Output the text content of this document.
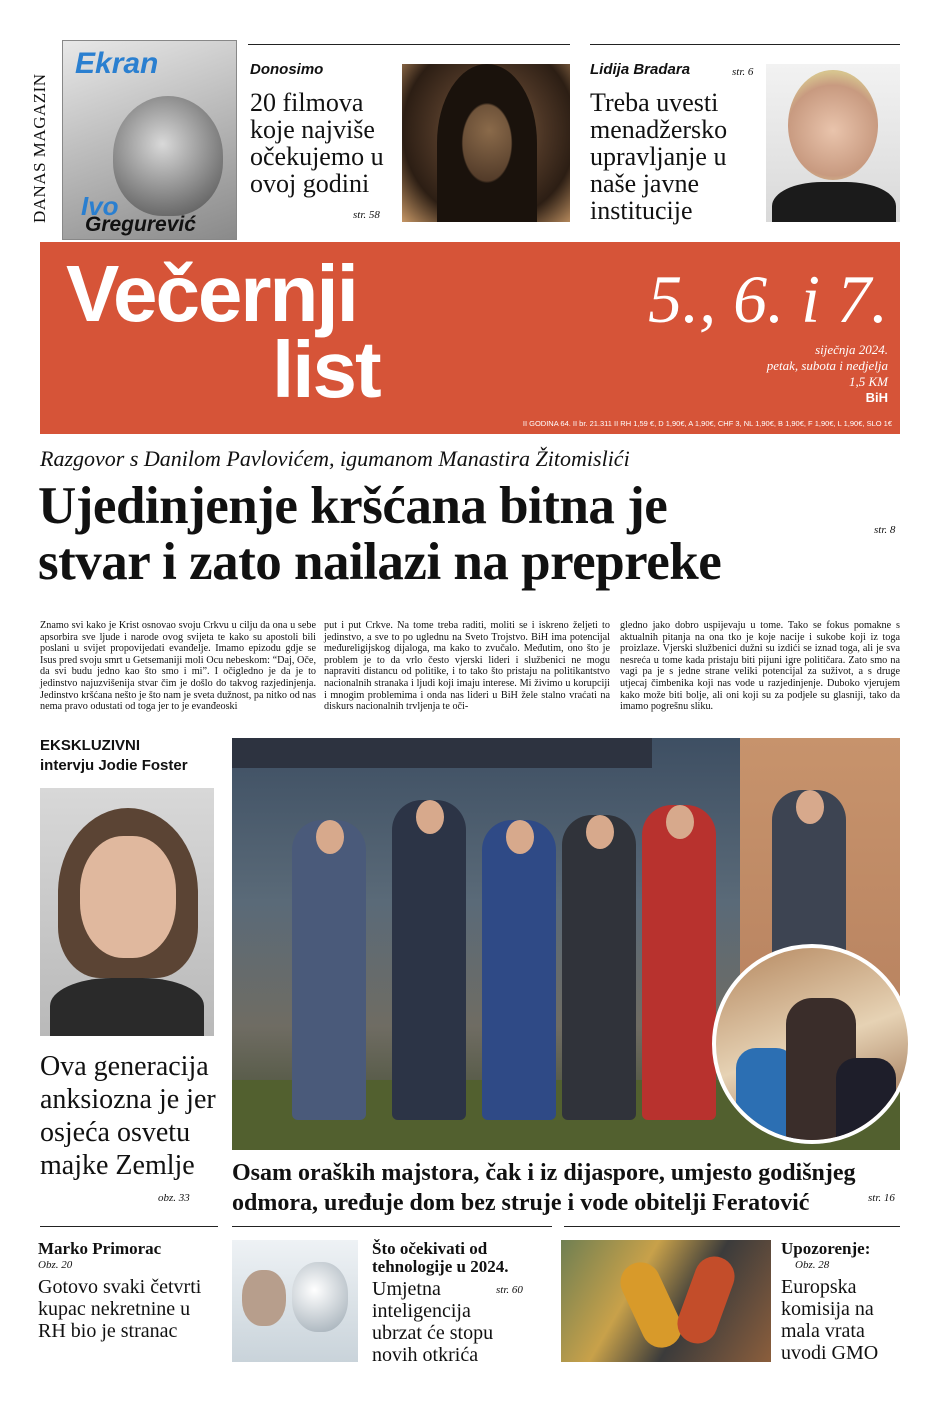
DANAS MAGAZIN
Ekran
Ivo
Gregurević
Donosimo
20 filmova koje najviše očekujemo u ovoj godini
str. 58
Lidija Bradara	str. 6
Treba uvesti menadžersko upravljanje u naše javne institucije
Večernji
list
5., 6. i 7.
siječnja 2024.
petak, subota i nedjelja
1,5 KM
BiH
II GODINA 64. II br. 21.311 II RH 1,59 €, D 1,90€, A 1,90€, CHF 3, NL 1,90€, B 1,90€, F 1,90€, L 1,90€, SLO 1€
Razgovor s Danilom Pavlovićem, igumanom Manastira Žitomislići
Ujedinjenje kršćana bitna je
stvar i zato nailazi na prepreke
str. 8
Znamo svi kako je Krist osnovao svoju Crkvu u cilju da ona u sebe apsorbira sve ljude i narode ovog svijeta te kako su apostoli bili poslani u svijet propovijedati evanđelje. Imamo epizodu gdje se Isus pred svoju smrt u Getsemaniji moli Ocu nebeskom: “Daj, Oče, da svi budu jedno kao što smo i mi”. I očigledno je da je to jedinstvo najuzvišenija stvar čim je došlo do takvog razjedinjenja. Jedinstvo kršćana nešto je što nam je sveta dužnost, pa nitko od nas nema pravo odustati od toga jer to je evanđeoski
put i put Crkve. Na tome treba raditi, moliti se i iskreno željeti to jedinstvo, a sve to po uglednu na Sveto Trojstvo. BiH ima potencijal međureligijskog dijaloga, ma kako to zvučalo. Međutim, ono što je problem je to da vrlo često vjerski lideri i službenici ne mogu napraviti distancu od politike, i to tako što pristaju na politikantstvo nacionalnih stranaka i ljudi koji imaju interese. Mi živimo u korupciji i mnogim problemima i onda nas lideri u BiH žele stalno vraćati na diskurs nacionalnih trvljenja te oči-
gledno jako dobro uspijevaju u tome. Tako se fokus pomakne s aktualnih pitanja na ona tko je koje nacije i sukobe koji iz toga proizlaze. Vjerski službenici dužni su izdići se iznad toga, ali je sva nesreća u tome kada pristaju biti pijuni igre političara. Zato smo na vagi pa je s jedne strane veliki potencijal za suživot, a s druge utjecaj čimbenika koji nas vode u razjedinjenje. Duboko vjerujem kako može biti bolje, ali oni koji su za podjele su glasniji, tako da imamo pogrešnu sliku.
EKSKLUZIVNI
intervju Jodie Foster
Ova generacija anksiozna je jer osjeća osvetu majke Zemlje
obz. 33
Osam oraških majstora, čak i iz dijaspore, umjesto godišnjeg odmora, uređuje dom bez struje i vode obitelji Feratović	str. 16
Marko Primorac
Obz. 20
Gotovo svaki četvrti kupac nekretnine u RH bio je stranac
Što očekivati od tehnologije u 2024.
Umjetna inteligencija ubrzat će stopu novih otkrića
str. 60
Upozorenje:
Obz. 28
Europska komisija na mala vrata uvodi GMO
